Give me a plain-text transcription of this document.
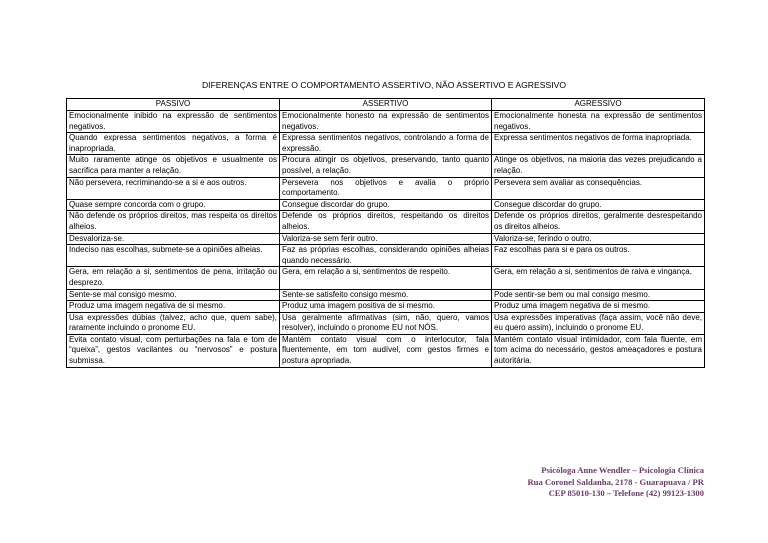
DIFERENÇAS ENTRE O COMPORTAMENTO ASSERTIVO, NÃO ASSERTIVO E AGRESSIVO
PASSIVO	ASSERTIVO	AGRESSIVO
Emocionalmente inibido na expressão de sentimentos negativos.	Emocionalmente honesto na expressão de sentimentos negativos.	Emocionalmente honesta na expressão de sentimentos negativos.
Quando expressa sentimentos negativos, a forma é inapropriada.	Expressa sentimentos negativos, controlando a forma de expressão.	Expressa sentimentos negativos de forma inapropriada.
Muito raramente atinge os objetivos e usualmente os sacrifica para manter a relação.	Procura atingir os objetivos, preservando, tanto quanto possível, a relação.	Atinge os objetivos, na maioria das vezes prejudicando a relação.
Não persevera, recriminando-se a si e aos outros.	Persevera nos objetivos e avalia o próprio comportamento.	Persevera sem avaliar as consequências.
Quase sempre concorda com o grupo.	Consegue discordar do grupo.	Consegue discordar do grupo.
Não defende os próprios direitos, mas respeita os direitos alheios.	Defende os próprios direitos, respeitando os direitos alheios.	Defende os próprios direitos, geralmente desrespeitando os direitos alheios.
Desvaloriza-se.	Valoriza-se sem ferir outro.	Valoriza-se, ferindo o outro.
Indeciso nas escolhas, submete-se a opiniões alheias.	Faz as próprias escolhas, considerando opiniões alheias quando necessário.	Faz escolhas para si e para os outros.
Gera, em relação a si, sentimentos de pena, irritação ou desprezo.	Gera, em relação a si, sentimentos de respeito.	Gera, em relação a si, sentimentos de raiva e vingança.
Sente-se mal consigo mesmo.	Sente-se satisfeito consigo mesmo.	Pode sentir-se bem ou mal consigo mesmo.
Produz uma imagem negativa de si mesmo.	Produz uma imagem positiva de si mesmo.	Produz uma imagem negativa de si mesmo.
Usa expressões dúbias (talvez, acho que, quem sabe), raramente incluindo o pronome EU.	Usa geralmente afirmativas (sim, não, quero, vamos resolver), incluindo o pronome EU not NÓS.	Usa expressões imperativas (faça assim, você não deve, eu quero assim), incluindo o pronome EU.
Evita contato visual, com perturbações na fala e tom de “queixa”, gestos vacilantes ou “nervosos” e postura submissa.	Mantém contato visual com o interlocutor, fala fluentemente, em tom audível, com gestos firmes e postura apropriada.	Mantém contato visual intimidador, com fala fluente, em tom acima do necessário, gestos ameaçadores e postura autoritária.
Psicóloga Anne Wendler – Psicologia Clínica
Rua Coronel Saldanha, 2178 - Guarapuava / PR
CEP 85010-130 – Telefone (42) 99123-1300
